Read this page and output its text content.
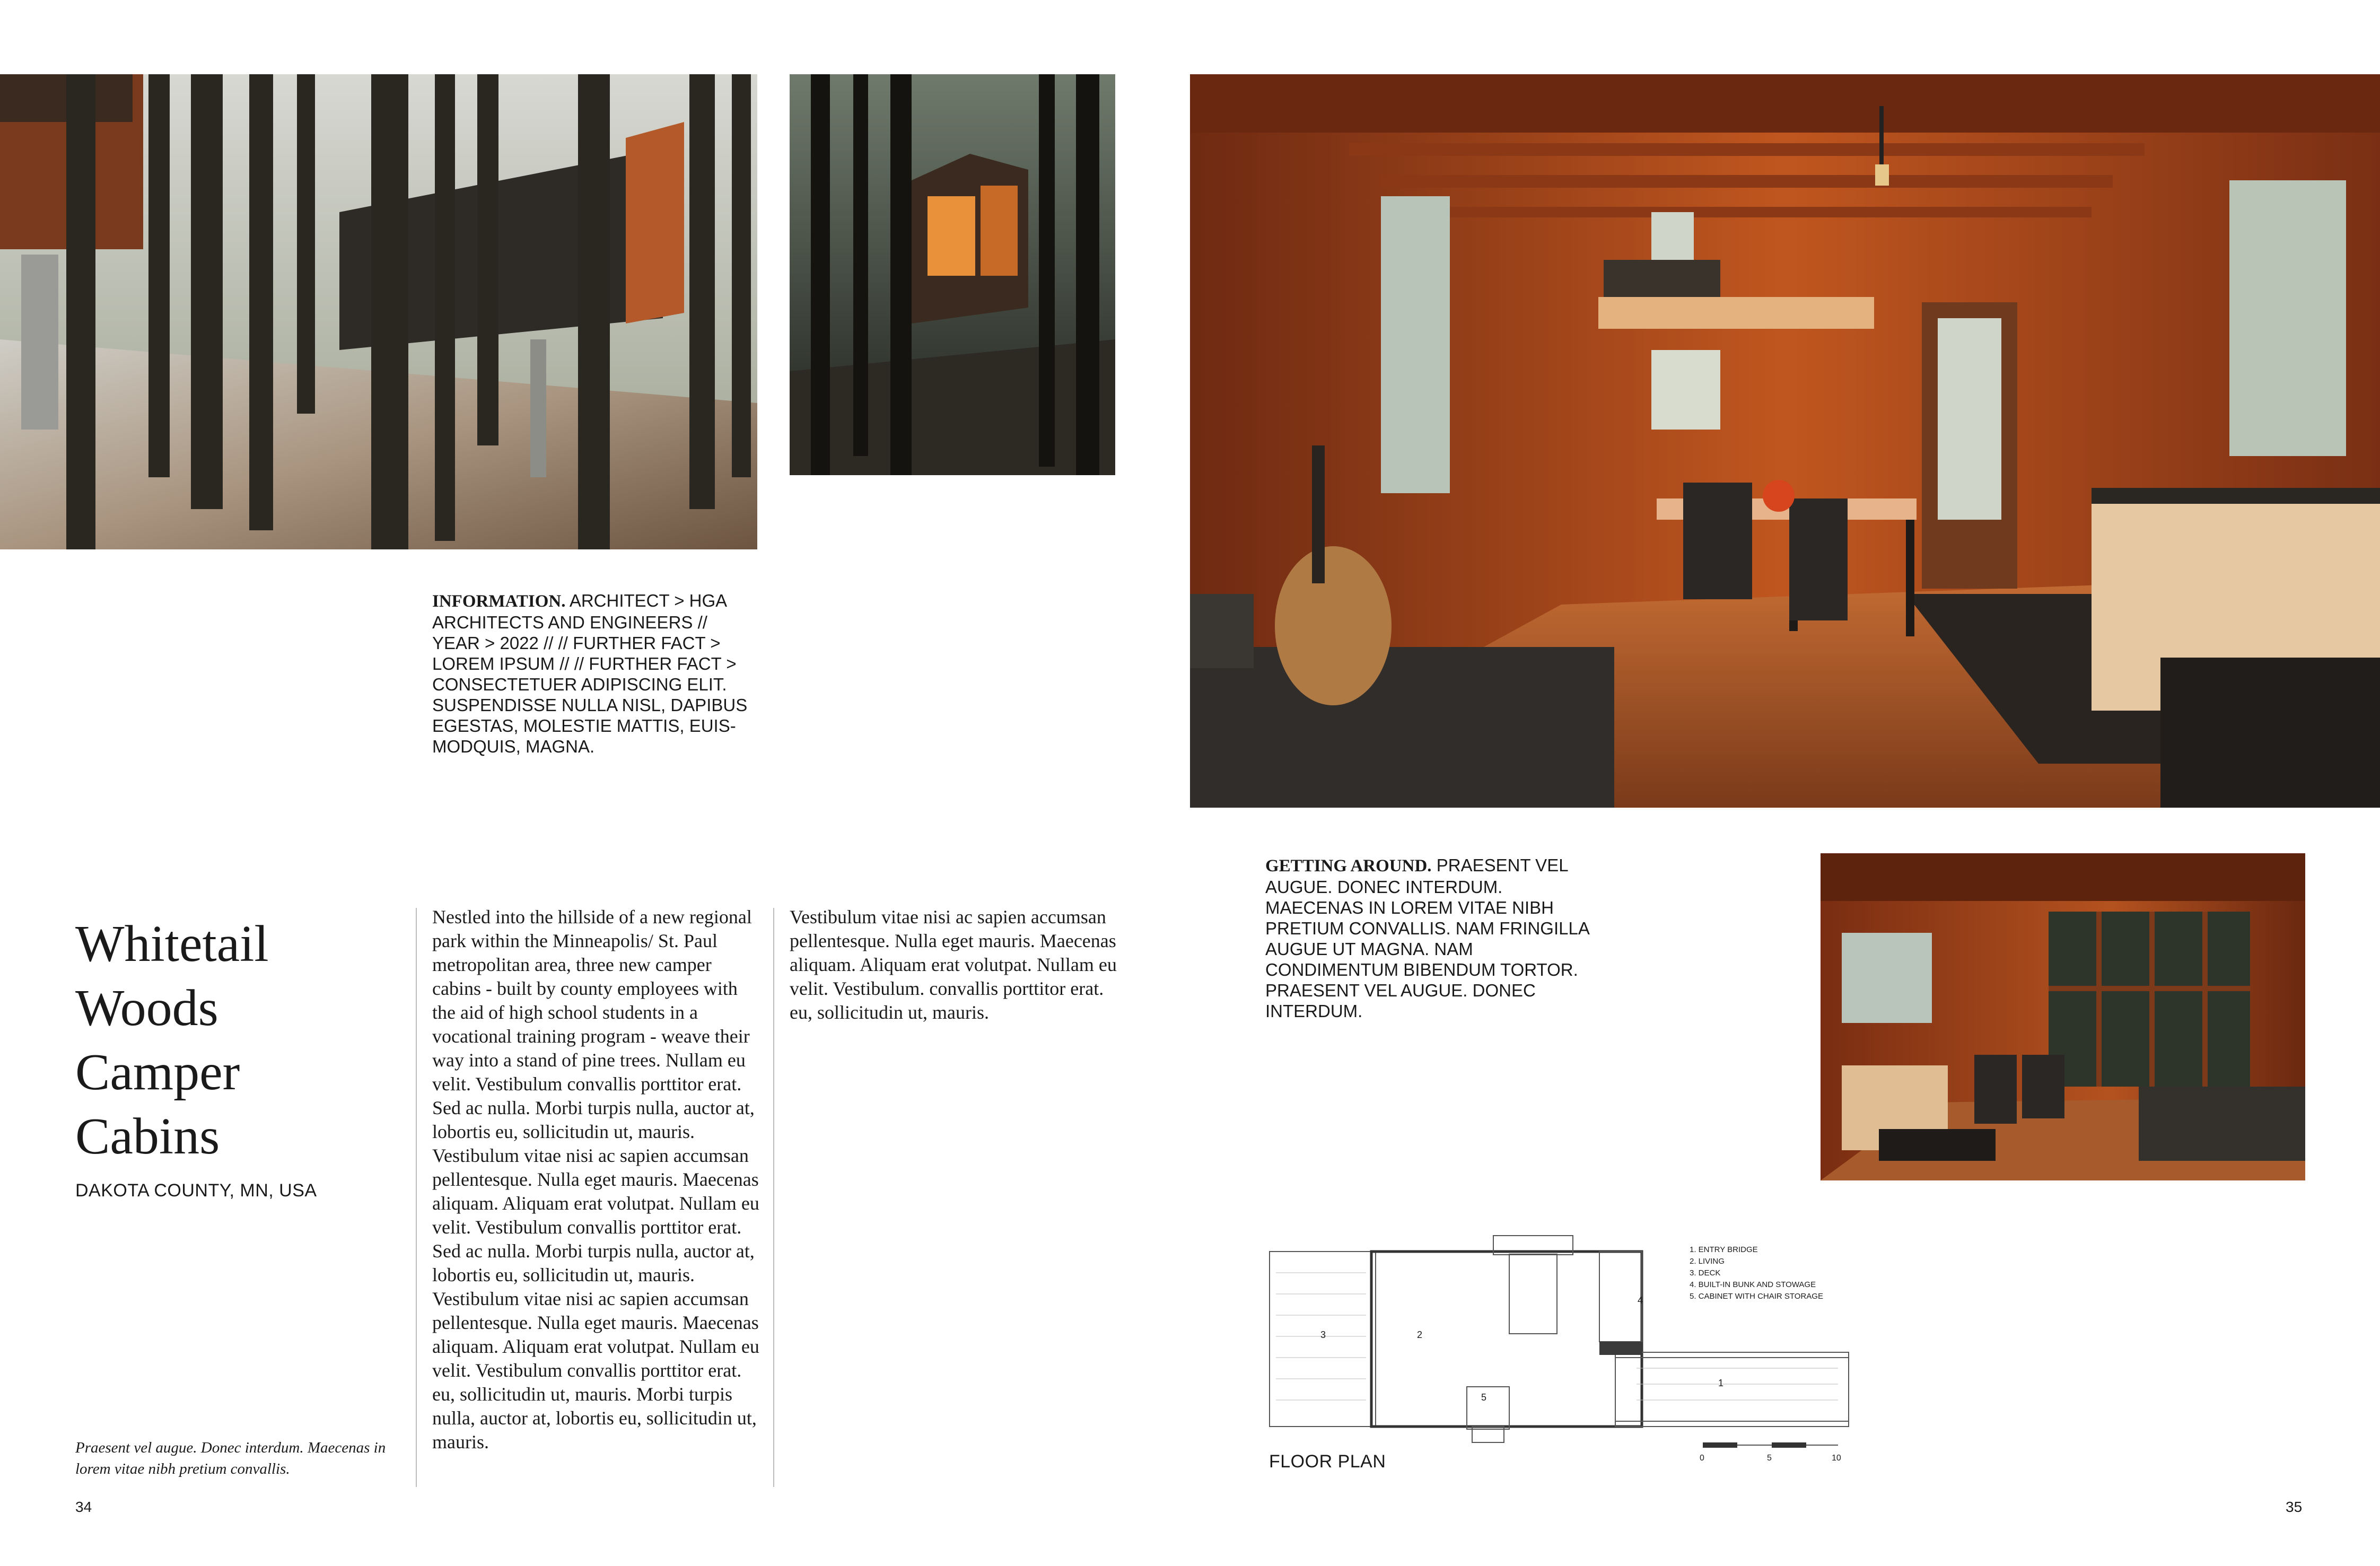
Whitetail
Woods
Camper
Cabins
DAKOTA COUNTY, MN, USA
Praesent vel augue. Donec interdum. Maecenas in lorem vitae nibh pretium convallis.
34
INFORMATION. ARCHITECT > HGA ARCHITECTS AND ENGINEERS // YEAR > 2022 // // FURTHER FACT > LOREM IPSUM // // FURTHER FACT > CONSECTETUER ADIPISCING ELIT. SUSPENDISSE NULLA NISL, DAPIBUS EGESTAS, MOLESTIE MATTIS, EUIS-MODQUIS, MAGNA.

Nestled into the hillside of a new regional park within the Minneapolis/ St. Paul metropolitan area, three new camper cabins - built by county employees with the aid of high school students in a vocational training program - weave their way into a stand of pine trees. Nullam eu velit. Vestibulum convallis porttitor erat. Sed ac nulla. Morbi turpis nulla, auctor at, lobortis eu, sollicitudin ut, mauris. Vestibulum vitae nisi ac sapien accumsan pellentesque. Nulla eget mauris. Maecenas aliquam. Aliquam erat volutpat. Nullam eu velit. Vestibulum convallis porttitor erat. Sed ac nulla. Morbi turpis nulla, auctor at, lobortis eu, sollicitudin ut, mauris.

Vestibulum vitae nisi ac sapien accumsan pellentesque. Nulla eget mauris. Maecenas aliquam. Aliquam erat volutpat. Nullam eu velit. Vestibulum convallis porttitor erat. eu, sollicitudin ut, mauris. Morbi turpis nulla, auctor at, lobortis eu, sollicitudin ut, mauris.

Vestibulum vitae nisi ac sapien accumsan pellentesque. Nulla eget mauris. Maecenas aliquam. Aliquam erat volutpat. Nullam eu velit. Vestibulum. convallis porttitor erat. eu, sollicitudin ut, mauris.

GETTING AROUND. PRAESENT VEL AUGUE. DONEC INTERDUM. MAECENAS IN LOREM VITAE NIBH PRETIUM CONVALLIS. NAM FRINGILLA AUGUE UT MAGNA. NAM CONDIMENTUM BIBENDUM TORTOR. PRAESENT VEL AUGUE. DONEC INTERDUM.
35
1. ENTRY BRIDGE
2. LIVING
3. DECK
4. BUILT-IN BUNK AND STOWAGE
5. CABINET WITH CHAIR STORAGE
1
2
3
4
5
FLOOR PLAN	0	5	10
